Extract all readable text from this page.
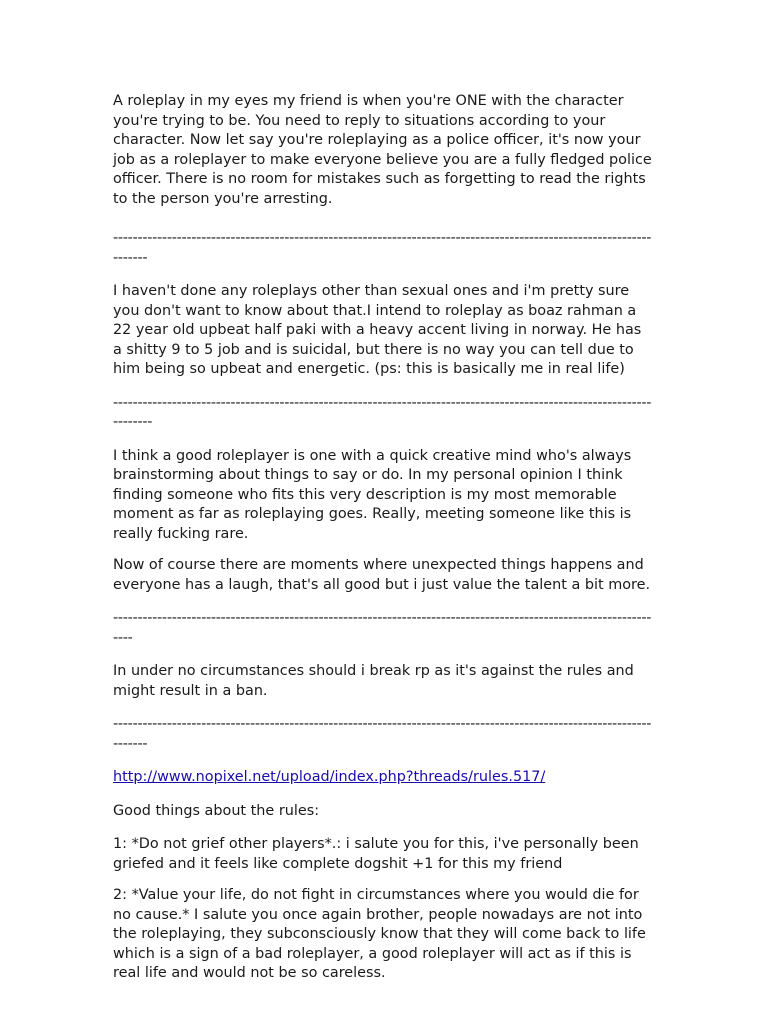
A roleplay in my eyes my friend is when you're ONE with the character you're trying to be. You need to reply to situations according to your character. Now let say you're roleplaying as a police officer, it's now your job as a roleplayer to make everyone believe you are a fully fledged police officer. There is no room for mistakes such as forgetting to read the rights to the person you're arresting.

---------------------------------------------------------------------------------------------------------------------

I haven't done any roleplays other than sexual ones and i'm pretty sure you don't want to know about that.I intend to roleplay as boaz rahman a 22 year old upbeat half paki with a heavy accent living in norway. He has a shitty 9 to 5 job and is suicidal, but there is no way you can tell due to him being so upbeat and energetic. (ps: this is basically me in real life)

----------------------------------------------------------------------------------------------------------------------

I think a good roleplayer is one with a quick creative mind who's always brainstorming about things to say or do. In my personal opinion I think finding someone who fits this very description is my most memorable moment as far as roleplaying goes. Really, meeting someone like this is really fucking rare.

Now of course there are moments where unexpected things happens and everyone has a laugh, that's all good but i just value the talent a bit more.

------------------------------------------------------------------------------------------------------------------

In under no circumstances should i break rp as it's against the rules and might result in a ban.

---------------------------------------------------------------------------------------------------------------------

http://www.nopixel.net/upload/index.php?threads/rules.517/

Good things about the rules:

1: *Do not grief other players*.: i salute you for this, i've personally been griefed and it feels like complete dogshit +1 for this my friend

2: *Value your life, do not fight in circumstances where you would die for no cause.* I salute you once again brother, people nowadays are not into the roleplaying, they subconsciously know that they will come back to life which is a sign of a bad roleplayer, a good roleplayer will act as if this is real life and would not be so careless.
